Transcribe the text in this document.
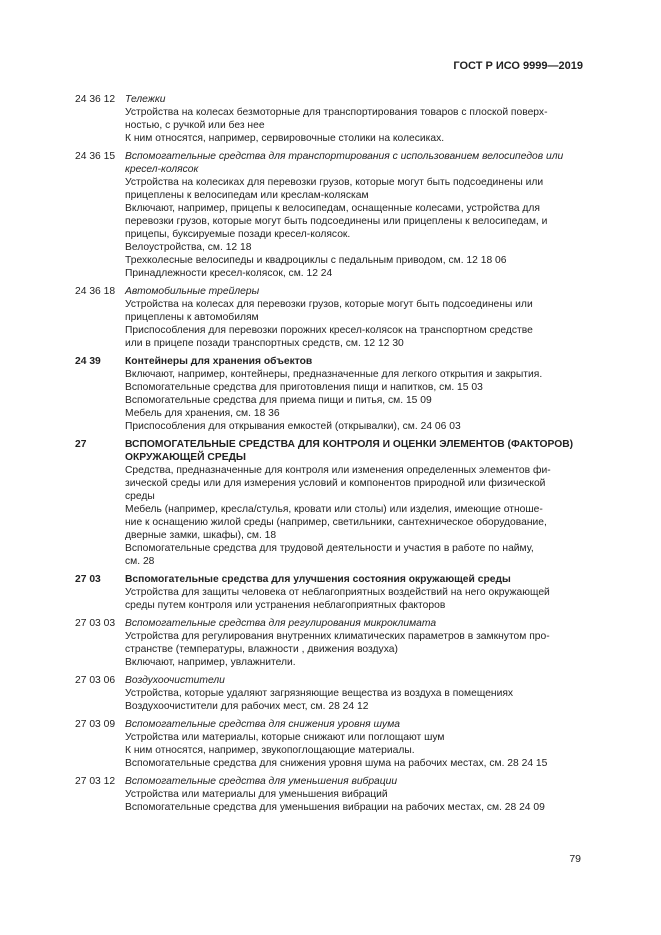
ГОСТ Р ИСО 9999—2019
24 36 12 Тележки
Устройства на колесах безмоторные для транспортирования товаров с плоской поверх-
ностью, с ручкой или без нее
К ним относятся, например, сервировочные столики на колесиках.
24 36 15 Вспомогательные средства для транспортирования с использованием велосипедов или кресел-колясок
Устройства на колесиках для перевозки грузов, которые могут быть подсоединены или
прицеплены к велосипедам или креслам-коляскам
Включают, например, прицепы к велосипедам, оснащенные колесами, устройства для
перевозки грузов, которые могут быть подсоединены или прицеплены к велосипедам, и
прицепы, буксируемые позади кресел-колясок.
Велоустройства, см. 12 18
Трехколесные велосипеды и квадроциклы с педальным приводом, см. 12 18 06
Принадлежности кресел-колясок, см. 12 24
24 36 18 Автомобильные трейлеры
Устройства на колесах для перевозки грузов, которые могут быть подсоединены или
прицеплены к автомобилям
Приспособления для перевозки порожних кресел-колясок на транспортном средстве
или в прицепе позади транспортных средств, см. 12 12 30
24 39	Контейнеры для хранения объектов
Включают, например, контейнеры, предназначенные для легкого открытия и закрытия.
Вспомогательные средства для приготовления пищи и напитков, см. 15 03
Вспомогательные средства для приема пищи и питья, см. 15 09
Мебель для хранения, см. 18 36
Приспособления для открывания емкостей (открывалки), см. 24 06 03
27	ВСПОМОГАТЕЛЬНЫЕ СРЕДСТВА ДЛЯ КОНТРОЛЯ И ОЦЕНКИ ЭЛЕМЕНТОВ (ФАКТОРОВ) ОКРУЖАЮЩЕЙ СРЕДЫ
Средства, предназначенные для контроля или изменения определенных элементов фи-
зической среды или для измерения условий и компонентов природной или физической
среды
Мебель (например, кресла/стулья, кровати или столы) или изделия, имеющие отноше-
ние к оснащению жилой среды (например, светильники, сантехническое оборудование,
дверные замки, шкафы), см. 18
Вспомогательные средства для трудовой деятельности и участия в работе по найму,
см. 28
27 03	Вспомогательные средства для улучшения состояния окружающей среды
Устройства для защиты человека от неблагоприятных воздействий на него окружающей
среды путем контроля или устранения неблагоприятных факторов
27 03 03 Вспомогательные средства для регулирования микроклимата
Устройства для регулирования внутренних климатических параметров в замкнутом про-
странстве (температуры, влажности , движения воздуха)
Включают, например, увлажнители.
27 03 06 Воздухоочистители
Устройства, которые удаляют загрязняющие вещества из воздуха в помещениях
Воздухоочистители для рабочих мест, см. 28 24 12
27 03 09 Вспомогательные средства для снижения уровня шума
Устройства или материалы, которые снижают или поглощают шум
К ним относятся, например, звукопоглощающие материалы.
Вспомогательные средства для снижения уровня шума на рабочих местах, см. 28 24 15
27 03 12 Вспомогательные средства для уменьшения вибрации
Устройства или материалы для уменьшения вибраций
Вспомогательные средства для уменьшения вибрации на рабочих местах, см. 28 24 09
79
